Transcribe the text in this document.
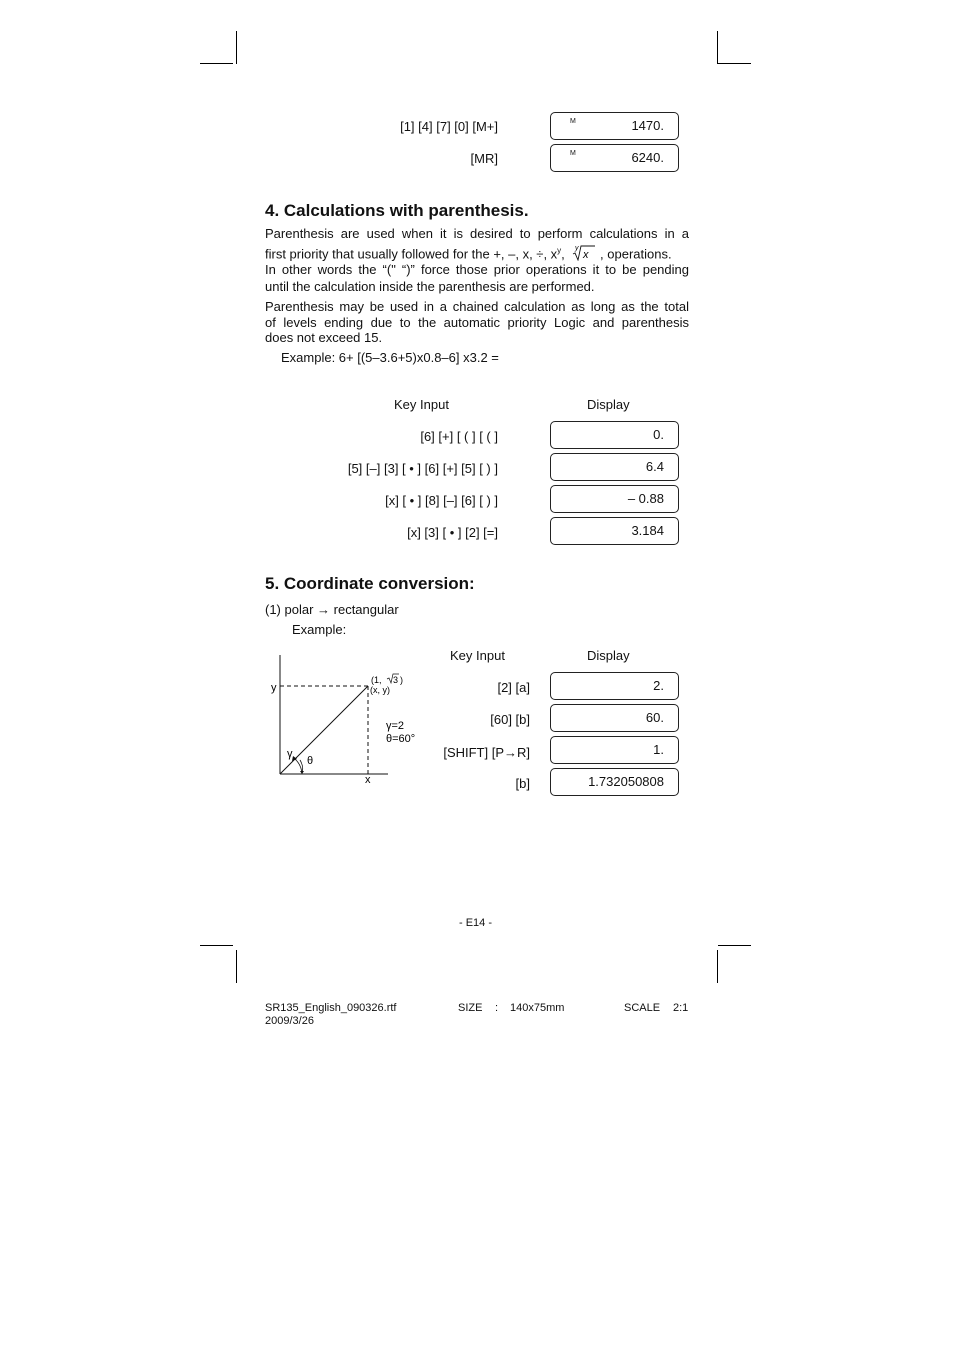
[1] [4] [7] [0] [M+]	M	1470.
[MR]	M	6240.
4. Calculations with parenthesis.
Parenthesis are used when it is desired to perform calculations in a
first priority that usually followed for the +, –, x, ÷, $x^y$, y
x , operations.
In other words the “(" “)” force those prior operations it to be pending
until the calculation inside the parenthesis are performed.
Parenthesis may be used in a chained calculation as long as the total
of levels ending due to the automatic priority Logic and parenthesis
does not exceed 15.
Example: 6+ [(5–3.6+5)x0.8–6] x3.2 =
Key Input	Display
[6] [+] [ ( ] [ ( ]	0.
[5] [–] [3] [ • ] [6] [+] [5] [ ) ]	6.4
[x] [ • ] [8] [–] [6] [ ) ]	– 0.88
[x] [3] [ • ] [2] [=]	3.184
5. Coordinate conversion:
(1) polar → rectangular
Example:
Key Input	Display
y
x
(1, 3 )
(x, y)
γ=2
θ=60°
γ
θ
[2] [a]	2.
[60] [b]	60.
[SHIFT] [P→R]	1.
[b]	1.732050808
- E14 -
SR135_English_090326.rtf
2009/3/26
SIZE : 140x75mm	SCALE 2:1
